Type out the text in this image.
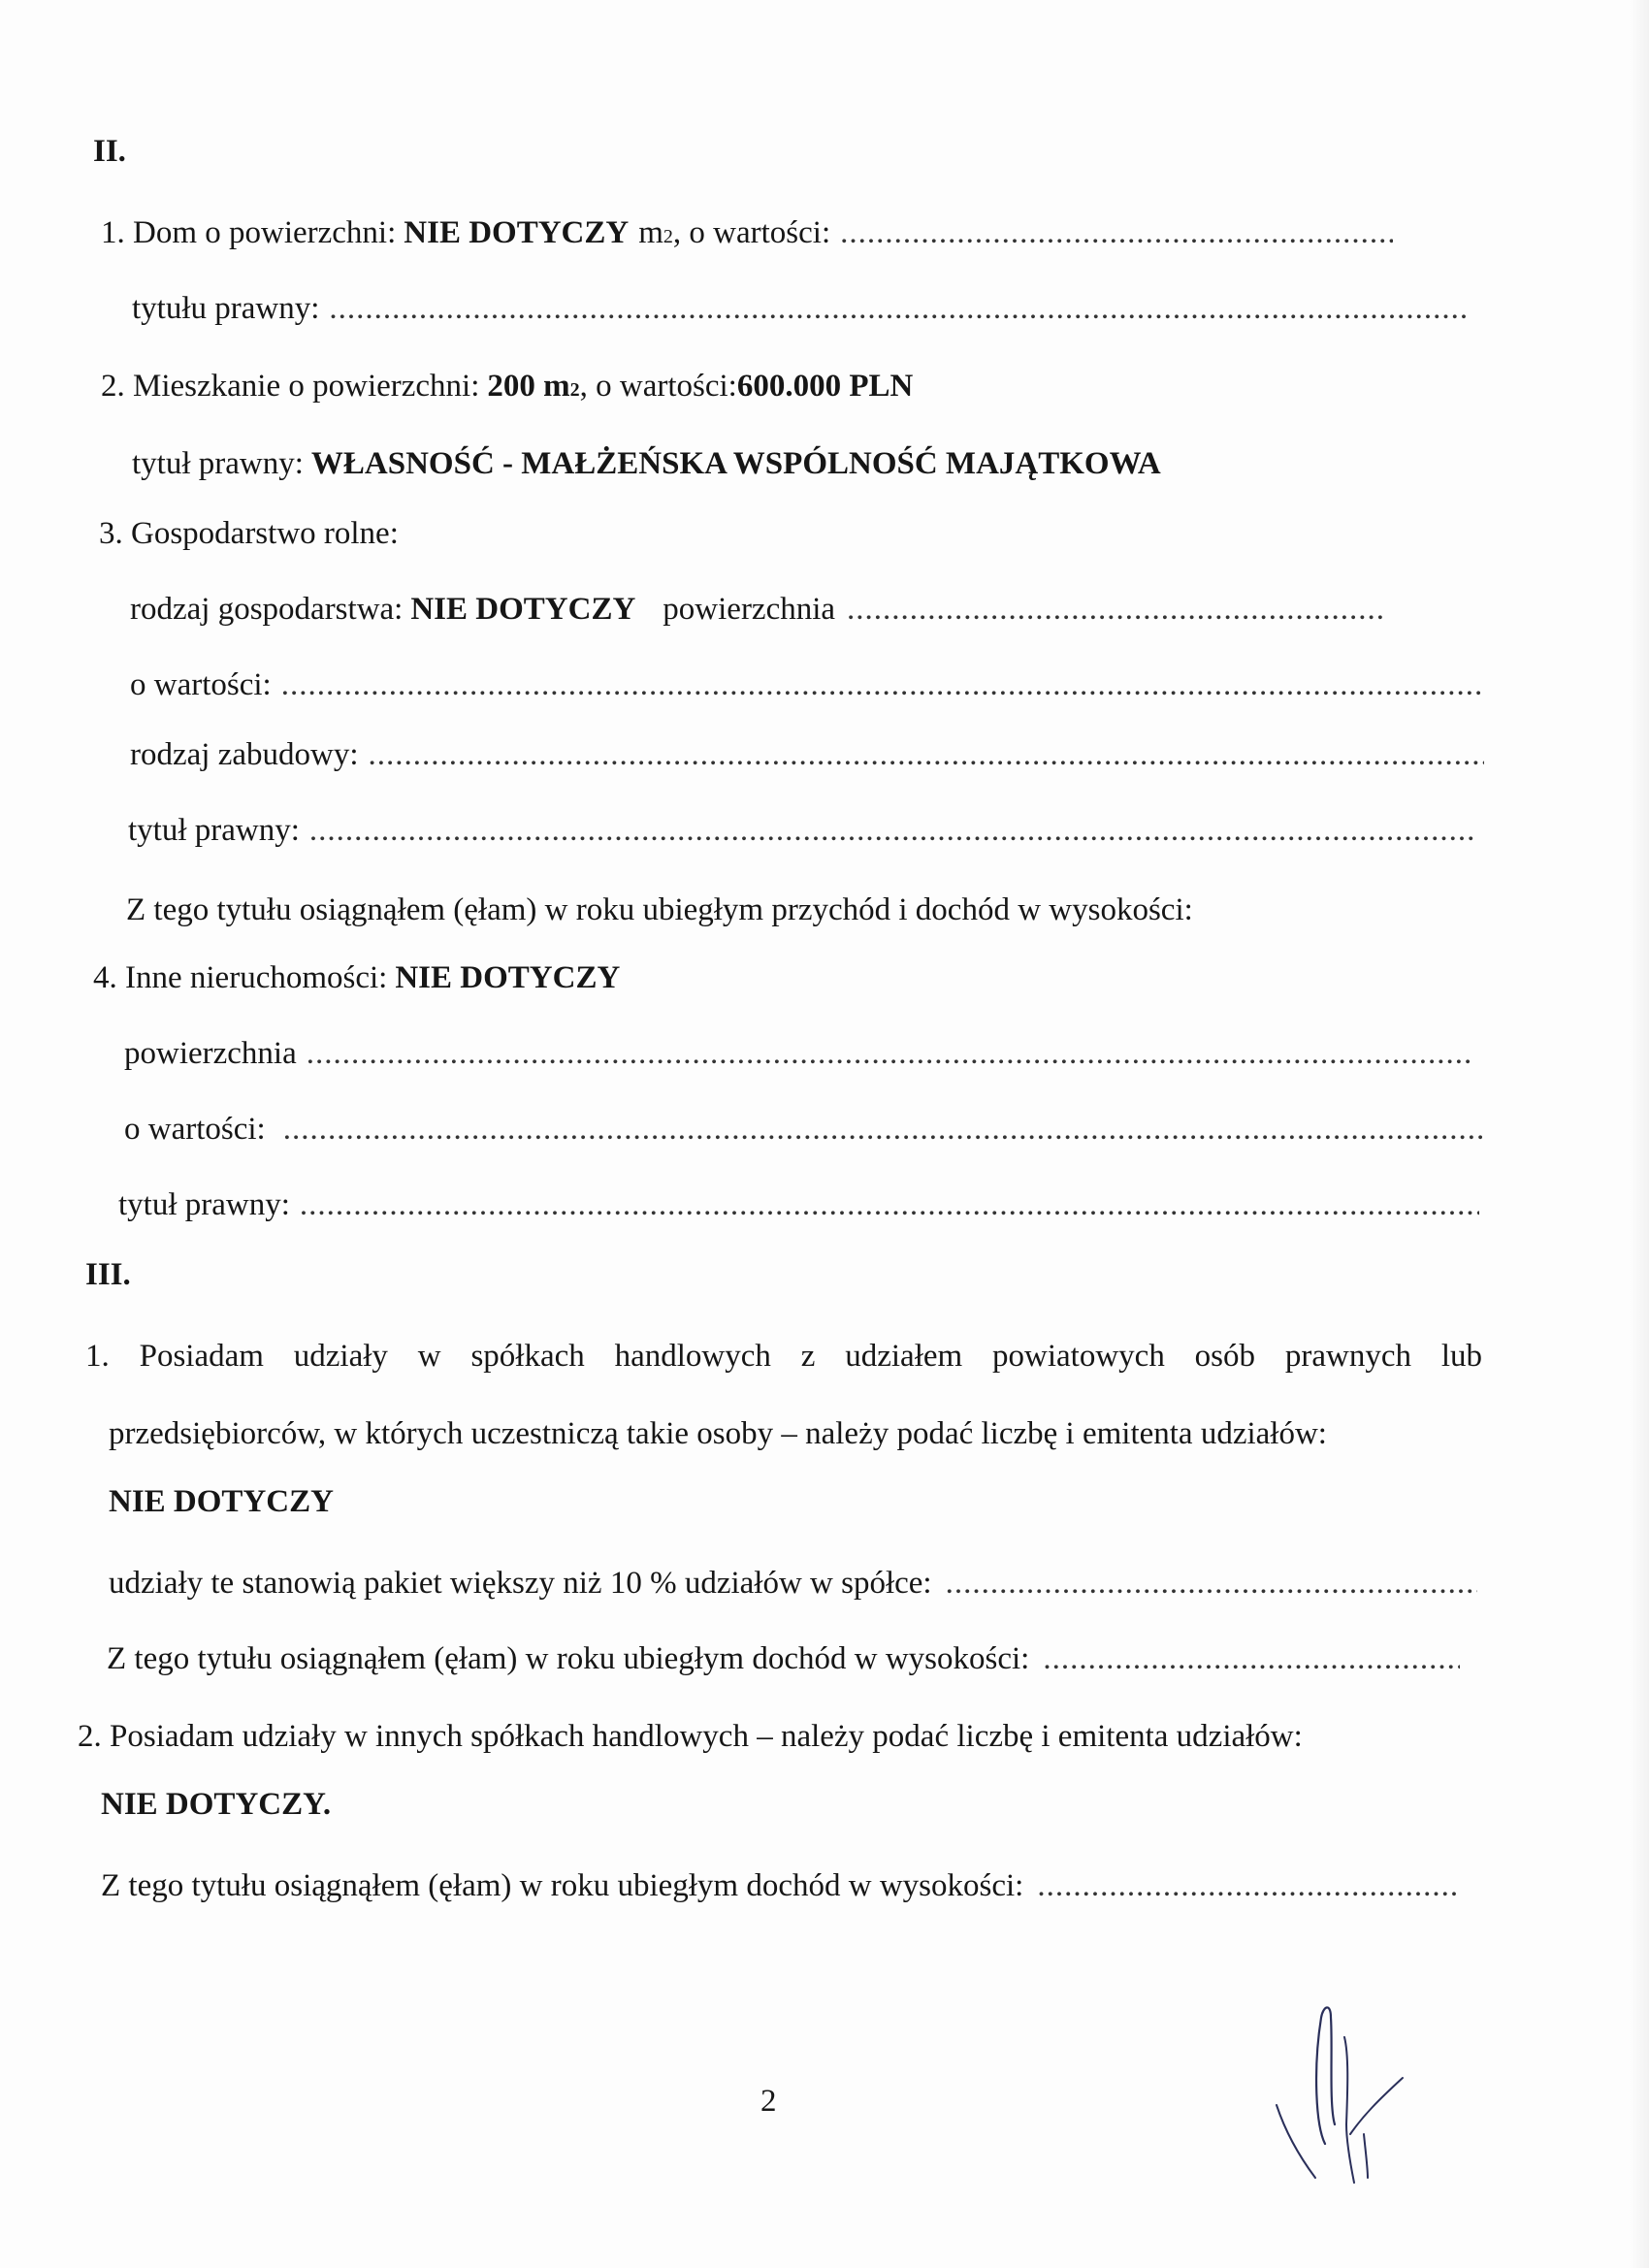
II.
1. Dom o powierzchni: NIE DOTYCZY m 2 , o wartości:
.....
tytułu prawny:
.....
2. Mieszkanie o powierzchni: 200 m 2 , o wartości: 600.000 PLN
tytuł prawny: WŁASNOŚĆ - MAŁŻEŃSKA WSPÓLNOŚĆ MAJĄTKOWA
3. Gospodarstwo rolne:
rodzaj gospodarstwa: NIE DOTYCZY powierzchnia
.....
o wartości:
.....
rodzaj zabudowy:
.....
tytuł prawny:
.....
Z tego tytułu osiągnąłem (ęłam) w roku ubiegłym przychód i dochód w wysokości:
4. Inne nieruchomości: NIE DOTYCZY
powierzchnia
.....
o wartości:
.....
tytuł prawny:
.....
III.
1. Posiadam udziały w spółkach handlowych z udziałem powiatowych osób prawnych lub
przedsiębiorców, w których uczestniczą takie osoby – należy podać liczbę i emitenta udziałów:
NIE DOTYCZY
udziały te stanowią pakiet większy niż 10 % udziałów w spółce:
.....
Z tego tytułu osiągnąłem (ęłam) w roku ubiegłym dochód w wysokości:
.....
2. Posiadam udziały w innych spółkach handlowych – należy podać liczbę i emitenta udziałów:
NIE DOTYCZY.
Z tego tytułu osiągnąłem (ęłam) w roku ubiegłym dochód w wysokości:
.....
2
